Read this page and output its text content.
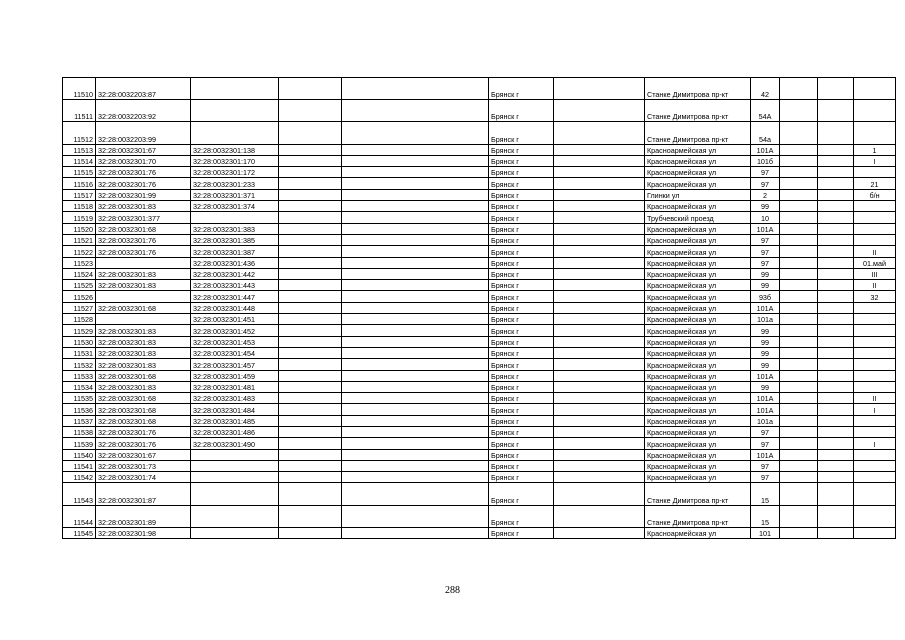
11510	32:28:0032203:87				Брянск г		Станке Димитрова пр-кт	42			
11511	32:28:0032203:92				Брянск г		Станке Димитрова пр-кт	54А			
11512	32:28:0032203:99				Брянск г		Станке Димитрова пр-кт	54а			
11513	32:28:0032301:67	32:28:0032301:138			Брянск г		Красноармейская ул	101А			1
11514	32:28:0032301:70	32:28:0032301:170			Брянск г		Красноармейская ул	101б			I
11515	32:28:0032301:76	32:28:0032301:172			Брянск г		Красноармейская ул	97			
11516	32:28:0032301:76	32:28:0032301:233			Брянск г		Красноармейская ул	97			21
11517	32:28:0032301:99	32:28:0032301:371			Брянск г		Глинки ул	2			б/н
11518	32:28:0032301:83	32:28:0032301:374			Брянск г		Красноармейская ул	99			
11519	32:28:0032301:377				Брянск г		Трубчевский проезд	10			
11520	32:28:0032301:68	32:28:0032301:383			Брянск г		Красноармейская ул	101А			
11521	32:28:0032301:76	32:28:0032301:385			Брянск г		Красноармейская ул	97			
11522	32:28:0032301:76	32:28:0032301:387			Брянск г		Красноармейская ул	97			II
11523		32:28:0032301:436			Брянск г		Красноармейская ул	97			01.май
11524	32:28:0032301:83	32:28:0032301:442			Брянск г		Красноармейская ул	99			III
11525	32:28:0032301:83	32:28:0032301:443			Брянск г		Красноармейская ул	99			II
11526		32:28:0032301:447			Брянск г		Красноармейская ул	93б			32
11527	32:28:0032301:68	32:28:0032301:448			Брянск г		Красноармейская ул	101А			
11528		32:28:0032301:451			Брянск г		Красноармейская ул	101а			
11529	32:28:0032301:83	32:28:0032301:452			Брянск г		Красноармейская ул	99			
11530	32:28:0032301:83	32:28:0032301:453			Брянск г		Красноармейская ул	99			
11531	32:28:0032301:83	32:28:0032301:454			Брянск г		Красноармейская ул	99			
11532	32:28:0032301:83	32:28:0032301:457			Брянск г		Красноармейская ул	99			
11533	32:28:0032301:68	32:28:0032301:459			Брянск г		Красноармейская ул	101А			
11534	32:28:0032301:83	32:28:0032301:481			Брянск г		Красноармейская ул	99			
11535	32:28:0032301:68	32:28:0032301:483			Брянск г		Красноармейская ул	101А			II
11536	32:28:0032301:68	32:28:0032301:484			Брянск г		Красноармейская ул	101А			I
11537	32:28:0032301:68	32:28:0032301:485			Брянск г		Красноармейская ул	101а			
11538	32:28:0032301:76	32:28:0032301:486			Брянск г		Красноармейская ул	97			
11539	32:28:0032301:76	32:28:0032301:490			Брянск г		Красноармейская ул	97			I
11540	32:28:0032301:67				Брянск г		Красноармейская ул	101А			
11541	32:28:0032301:73				Брянск г		Красноармейская ул	97			
11542	32:28:0032301:74				Брянск г		Красноармейская ул	97			
11543	32:28:0032301:87				Брянск г		Станке Димитрова пр-кт	15			
11544	32:28:0032301:89				Брянск г		Станке Димитрова пр-кт	15			
11545	32:28:0032301:98				Брянск г		Красноармейская ул	101			
288
